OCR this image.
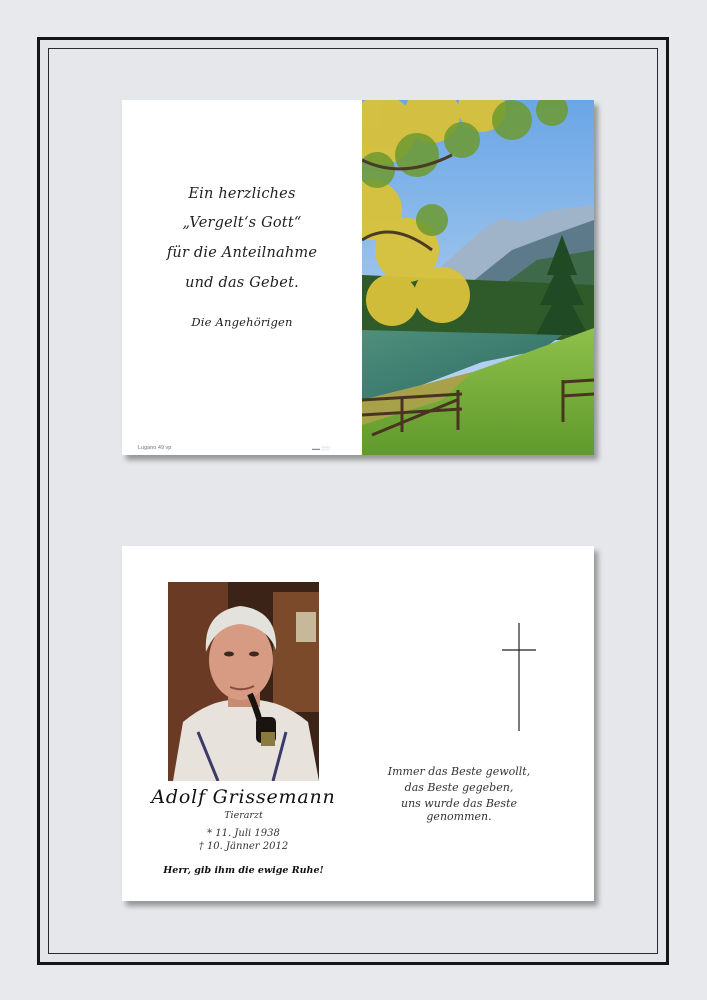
Ein herzliches
„Vergelt‘s Gott“
für die Anteilnahme
und das Gebet.
Die Angehörigen
Lugano 49 vp	▬▬ ░░░
Adolf Grissemann
Tierarzt
* 11. Juli 1938
† 10. Jänner 2012
Herr, gib ihm die ewige Ruhe!
Immer das Beste gewollt,
das Beste gegeben,
uns wurde das Beste genommen.
